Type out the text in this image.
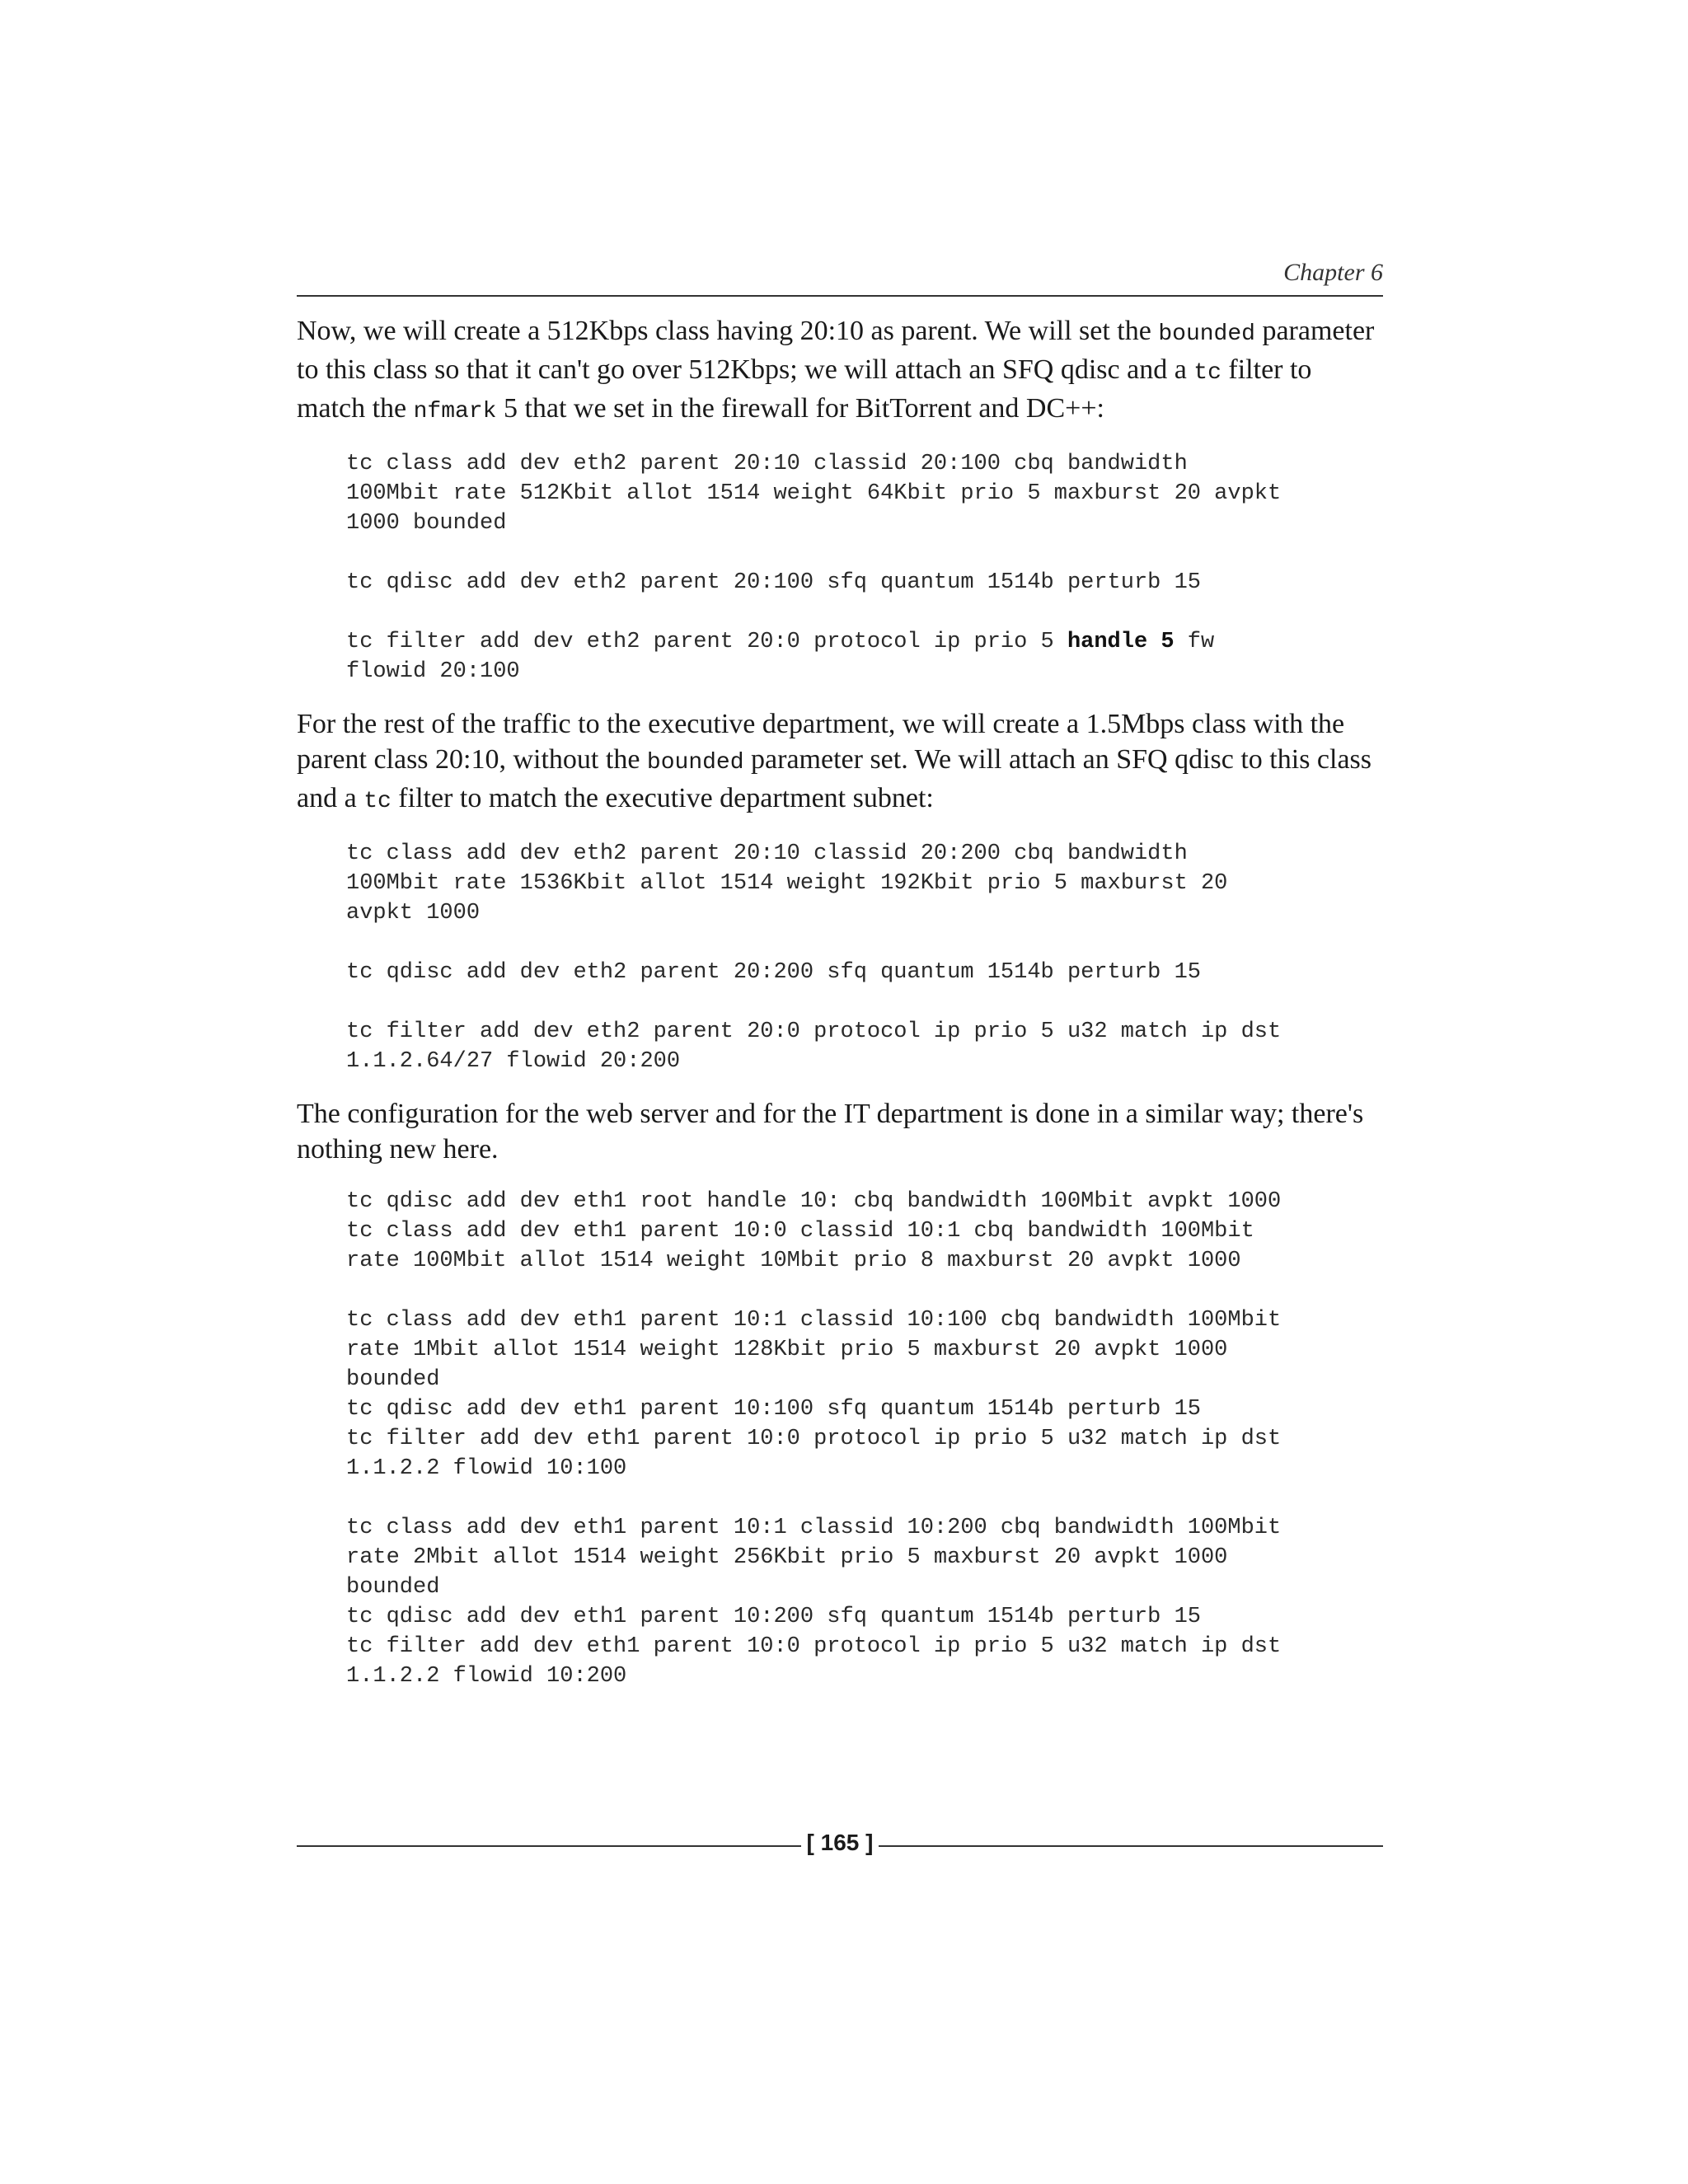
Chapter 6

Now, we will create a 512Kbps class having 20:10 as parent. We will set the bounded parameter to this class so that it can't go over 512Kbps; we will attach an SFQ qdisc and a tc filter to match the nfmark 5 that we set in the firewall for BitTorrent and DC++:

tc class add dev eth2 parent 20:10 classid 20:100 cbq bandwidth
100Mbit rate 512Kbit allot 1514 weight 64Kbit prio 5 maxburst 20 avpkt
1000 bounded
tc qdisc add dev eth2 parent 20:100 sfq quantum 1514b perturb 15
tc filter add dev eth2 parent 20:0 protocol ip prio 5 handle 5 fw
flowid 20:100

For the rest of the traffic to the executive department, we will create a 1.5Mbps class with the parent class 20:10, without the bounded parameter set. We will attach an SFQ qdisc to this class and a tc filter to match the executive department subnet:

tc class add dev eth2 parent 20:10 classid 20:200 cbq bandwidth
100Mbit rate 1536Kbit allot 1514 weight 192Kbit prio 5 maxburst 20
avpkt 1000
tc qdisc add dev eth2 parent 20:200 sfq quantum 1514b perturb 15
tc filter add dev eth2 parent 20:0 protocol ip prio 5 u32 match ip dst
1.1.2.64/27 flowid 20:200

The configuration for the web server and for the IT department is done in a similar way; there's nothing new here.

tc qdisc add dev eth1 root handle 10: cbq bandwidth 100Mbit avpkt 1000
tc class add dev eth1 parent 10:0 classid 10:1 cbq bandwidth 100Mbit
rate 100Mbit allot 1514 weight 10Mbit prio 8 maxburst 20 avpkt 1000
tc class add dev eth1 parent 10:1 classid 10:100 cbq bandwidth 100Mbit
rate 1Mbit allot 1514 weight 128Kbit prio 5 maxburst 20 avpkt 1000
bounded
tc qdisc add dev eth1 parent 10:100 sfq quantum 1514b perturb 15
tc filter add dev eth1 parent 10:0 protocol ip prio 5 u32 match ip dst
1.1.2.2 flowid 10:100
tc class add dev eth1 parent 10:1 classid 10:200 cbq bandwidth 100Mbit
rate 2Mbit allot 1514 weight 256Kbit prio 5 maxburst 20 avpkt 1000
bounded
tc qdisc add dev eth1 parent 10:200 sfq quantum 1514b perturb 15
tc filter add dev eth1 parent 10:0 protocol ip prio 5 u32 match ip dst
1.1.2.2 flowid 10:200
[ 165 ]
